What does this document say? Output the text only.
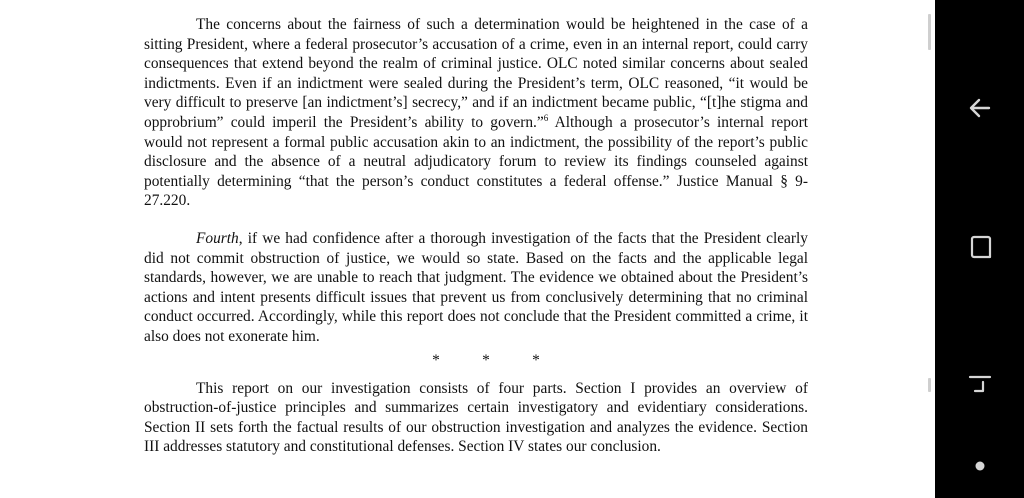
The concerns about the fairness of such a determination would be heightened in the case of a sitting President, where a federal prosecutor’s accusation of a crime, even in an internal report, could carry consequences that extend beyond the realm of criminal justice. OLC noted similar concerns about sealed indictments. Even if an indictment were sealed during the President’s term, OLC reasoned, “it would be very difficult to preserve [an indictment’s] secrecy,” and if an indictment became public, “[t]he stigma and opprobrium” could imperil the President’s ability to govern.”$^6$ Although a prosecutor’s internal report would not represent a formal public accusation akin to an indictment, the possibility of the report’s public disclosure and the absence of a neutral adjudicatory forum to review its findings counseled against potentially determining “that the person’s conduct constitutes a federal offense.” Justice Manual § 9-27.220.

Fourth, if we had confidence after a thorough investigation of the facts that the President clearly did not commit obstruction of justice, we would so state. Based on the facts and the applicable legal standards, however, we are unable to reach that judgment. The evidence we obtained about the President’s actions and intent presents difficult issues that prevent us from conclusively determining that no criminal conduct occurred. Accordingly, while this report does not conclude that the President committed a crime, it also does not exonerate him.

*	*	*

This report on our investigation consists of four parts. Section I provides an overview of obstruction-of-justice principles and summarizes certain investigatory and evidentiary considerations. Section II sets forth the factual results of our obstruction investigation and analyzes the evidence. Section III addresses statutory and constitutional defenses. Section IV states our conclusion.
